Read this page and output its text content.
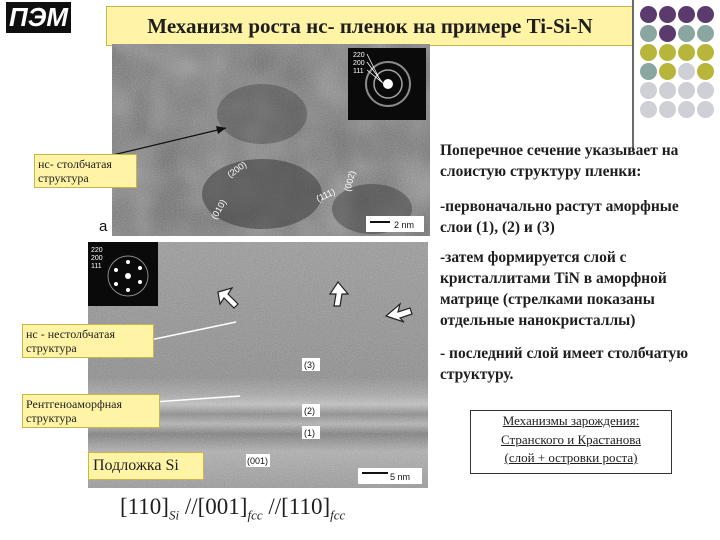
ПЭМ	Механизм роста нс- пленок на примере Ti-Si-N
220
200
111
(200)
(002)
(111)
(010)
2 nm
a
220
200
111
(3)
(2)
(1)
(001)
5 nm
нс- столбчатая структура
нс - нестолбчатая структура
Рентгеноаморфная структура
Подложка Si
Поперечное сечение указывает на слоистую структуру пленки:
-первоначально растут аморфные слои (1), (2) и (3)
-затем формируется слой с кристаллитами TiN в аморфной матрице (стрелками показаны отдельные нанокристаллы)
- последний слой имеет столбчатую структуру.
Механизмы зарождения:
Странского и Крастанова
(слой + островки роста)
$[110]_{Si}$ $//[001]_{fcc}$ $//[110]_{fcc}$
